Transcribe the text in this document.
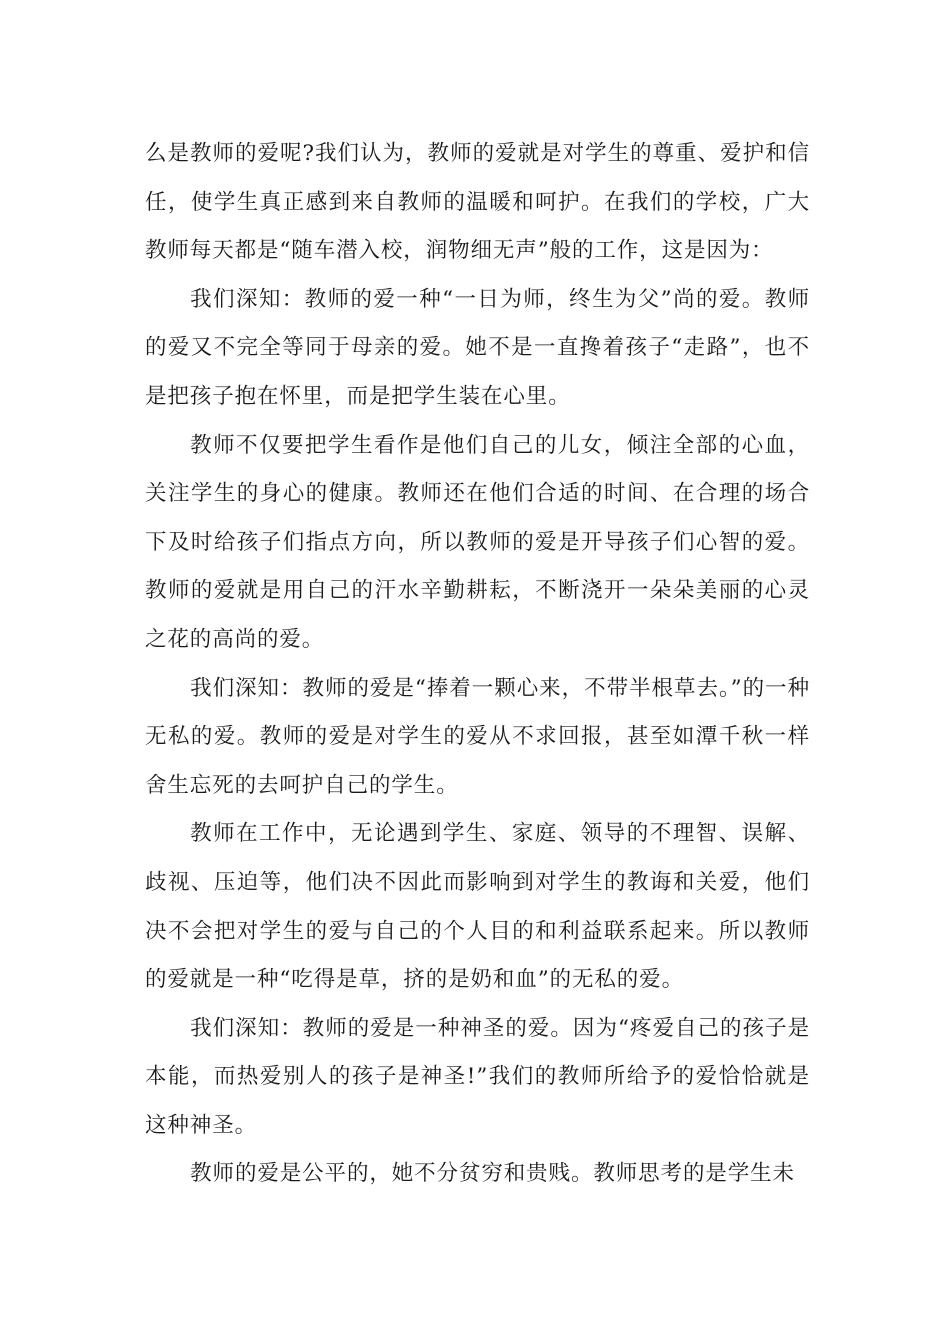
么是教师的爱呢?我们认为，教师的爱就是对学生的尊重、爱护和信任，使学生真正感到来自教师的温暖和呵护。在我们的学校，广大教师每天都是“随车潜入校，润物细无声”般的工作，这是因为：

我们深知：教师的爱一种“一日为师，终生为父”尚的爱。教师的爱又不完全等同于母亲的爱。她不是一直搀着孩子“走路”，也不是把孩子抱在怀里，而是把学生装在心里。

教师不仅要把学生看作是他们自己的儿女，倾注全部的心血，关注学生的身心的健康。教师还在他们合适的时间、在合理的场合下及时给孩子们指点方向，所以教师的爱是开导孩子们心智的爱。教师的爱就是用自己的汗水辛勤耕耘，不断浇开一朵朵美丽的心灵之花的高尚的爱。

我们深知：教师的爱是“捧着一颗心来，不带半根草去。”的一种无私的爱。教师的爱是对学生的爱从不求回报，甚至如潭千秋一样舍生忘死的去呵护自己的学生。

教师在工作中，无论遇到学生、家庭、领导的不理智、误解、歧视、压迫等，他们决不因此而影响到对学生的教诲和关爱，他们决不会把对学生的爱与自己的个人目的和利益联系起来。所以教师的爱就是一种“吃得是草，挤的是奶和血”的无私的爱。

我们深知：教师的爱是一种神圣的爱。因为“疼爱自己的孩子是本能，而热爱别人的孩子是神圣!”我们的教师所给予的爱恰恰就是这种神圣。

教师的爱是公平的，她不分贫穷和贵贱。教师思考的是学生未
